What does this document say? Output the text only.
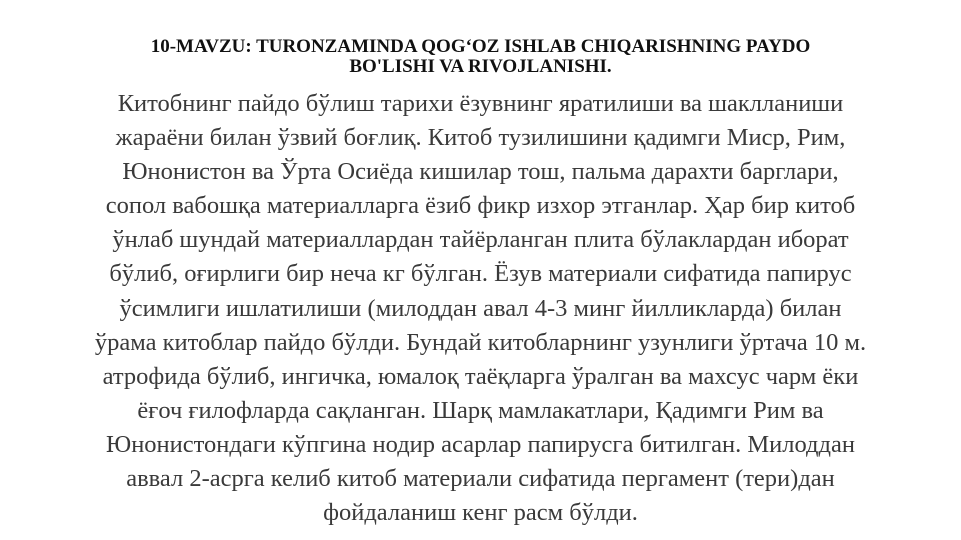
10-MAVZU: TURONZAMINDA QOG‘OZ ISHLAB CHIQARISHNING PAYDO
BO'LISHI VA RIVOJLANISHI.

Китобнинг пайдо бўлиш тарихи ёзувнинг яратилиши ва шаклланиши
жараёни билан ўзвий боғлиқ. Китоб тузилишини қадимги Миср, Рим,
Юнонистон ва Ўрта Осиёда кишилар тош, пальма дарахти барглари,
сопол вабошқа материалларга ёзиб фикр изхор этганлар. Ҳар бир китоб
ўнлаб шундай материаллардан тайёрланган плита бўлаклардан иборат
бўлиб, оғирлиги бир неча кг бўлган. Ёзув материали сифатида папирус
ўсимлиги ишлатилиши (милоддан авал 4-3 минг йилликларда) билан
ўрама китоблар пайдо бўлди. Бундай китобларнинг узунлиги ўртача 10 м.
атрофида бўлиб, ингичка, юмалоқ таёқларга ўралган ва махсус чарм ёки
ёғоч ғилофларда сақланган. Шарқ мамлакатлари, Қадимги Рим ва
Юнонистондаги кўпгина нодир асарлар папирусга битилган. Милоддан
аввал 2-асрга келиб китоб материали сифатида пергамент (тери)дан
фойдаланиш кенг расм бўлди.
